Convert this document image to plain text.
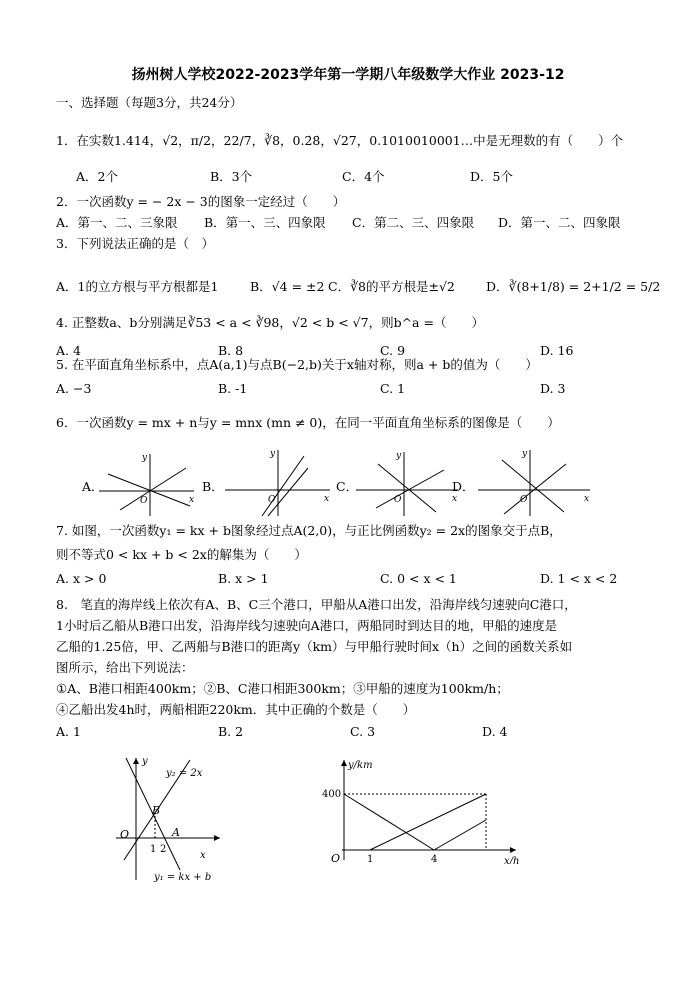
扬州树人学校2022-2023学年第一学期八年级数学大作业 2023-12
一、选择题（每题3分，共24分）
1．在实数1.414，√2，π/2，22/7，∛8，0.2̇8̇，√27，0.1010010001…中是无理数的有（　　）个
A．2个	B．3个	C．4个	D．5个
2．一次函数y = − 2x − 3的图象一定经过（　　）
A．第一、二、三象限 B．第一、三、四象限 C．第二、三、四象限 D．第一、二、四象限
3．下列说法正确的是（　）
A．1的立方根与平方根都是1	B．√4 = ±2 C．∛8的平方根是±√2 D．∛(8+1/8) = 2+1/2 = 5/2
4. 正整数a、b分别满足∛53 < a < ∛98，√2 < b < √7，则b^a =（　　）
A. 4	B. 8	C. 9	D. 16
5. 在平面直角坐标系中，点A(a,1)与点B(−2,b)关于x轴对称，则a + b的值为（　　）
A. −3	B. -1	C. 1	D. 3
6．一次函数y = mx + n与y = mnx (mn ≠ 0)，在同一平面直角坐标系的图像是（　　）
A．	B．	C．	D．
y
x
O
y
x
O
y
x
O
y
x
O
7. 如图，一次函数y₁ = kx + b图象经过点A(2,0)，与正比例函数y₂ = 2x的图象交于点B，
则不等式0 < kx + b < 2x的解集为（　　）
A. x > 0	B. x > 1	C. 0 < x < 1	D. 1 < x < 2
8.　笔直的海岸线上依次有A、B、C三个港口，甲船从A港口出发，沿海岸线匀速驶向C港口，
1小时后乙船从B港口出发，沿海岸线匀速驶向A港口，两船同时到达目的地，甲船的速度是
乙船的1.25倍，甲、乙两船与B港口的距离y（km）与甲船行驶时间x（h）之间的函数关系如
图所示，给出下列说法：
①A、B港口相距400km；②B、C港口相距300km；③甲船的速度为100km/h；
④乙船出发4h时，两船相距220km．其中正确的个数是（　　）
A. 1	B. 2	C. 3	D. 4
y
x
O
y₂ = 2x
y₁ = kx + b
B
A
1 2
y/km
x/h
O
400
1	4
